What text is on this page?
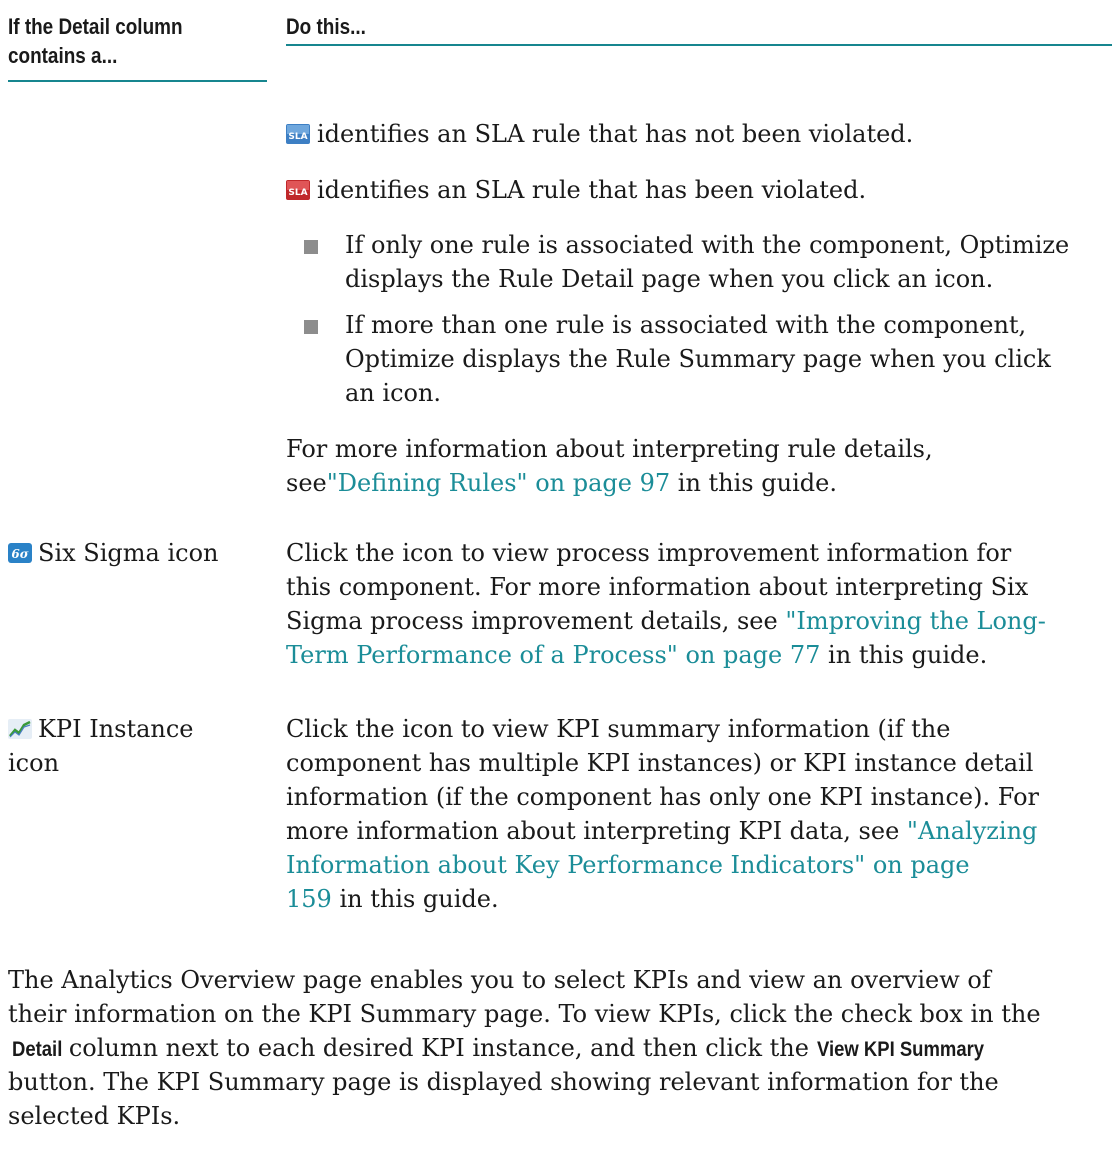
If the Detail column
contains a...
Do this...
SLA identifies an SLA rule that has not been violated.
SLA identifies an SLA rule that has been violated.
If only one rule is associated with the component, Optimize
displays the Rule Detail page when you click an icon.
If more than one rule is associated with the component,
Optimize displays the Rule Summary page when you click
an icon.
For more information about interpreting rule details,
see"Defining Rules" on page 97 in this guide.
6σ Six Sigma icon	Click the icon to view process improvement information for
this component. For more information about interpreting Six
Sigma process improvement details, see "Improving the Long-
Term Performance of a Process" on page 77 in this guide.
KPI Instance
icon
Click the icon to view KPI summary information (if the
component has multiple KPI instances) or KPI instance detail
information (if the component has only one KPI instance). For
more information about interpreting KPI data, see "Analyzing
Information about Key Performance Indicators" on page
159 in this guide.
The Analytics Overview page enables you to select KPIs and view an overview of
their information on the KPI Summary page. To view KPIs, click the check box in the
Detail column next to each desired KPI instance, and then click the View KPI Summary
button. The KPI Summary page is displayed showing relevant information for the
selected KPIs.
